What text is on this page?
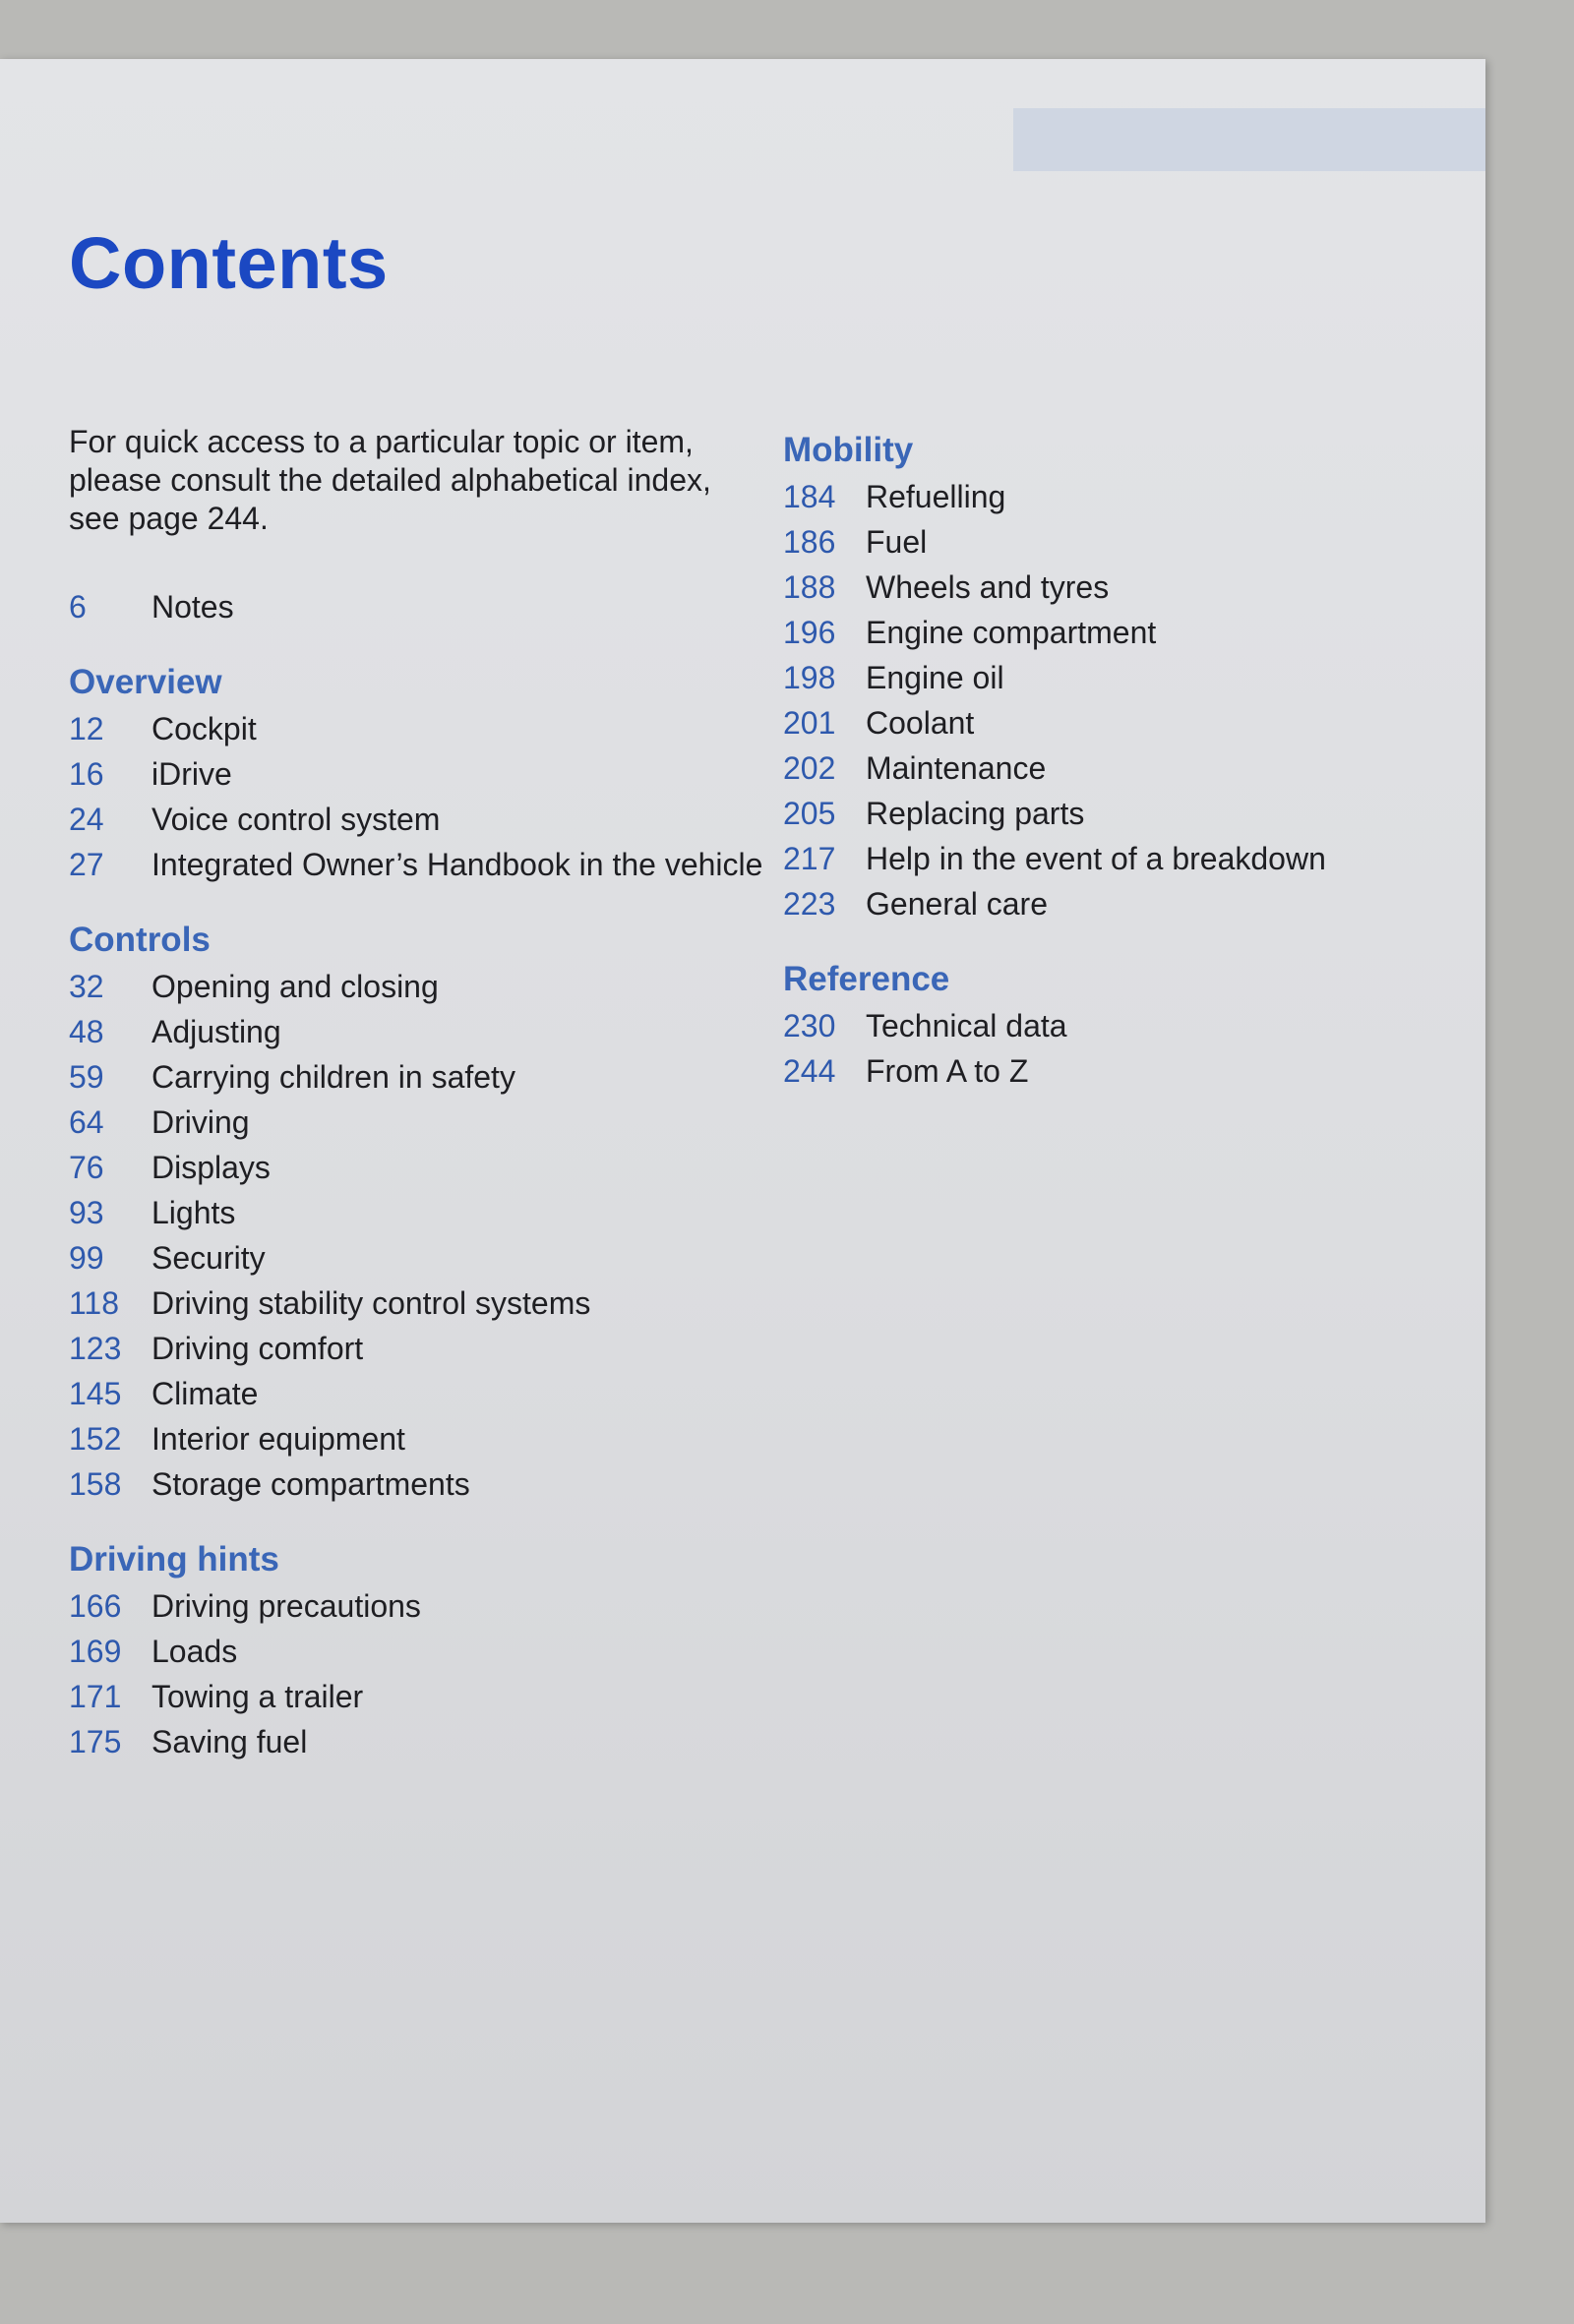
Contents

For quick access to a particular topic or item, please consult the detailed alphabetical index, see page 244.

6	Notes
Overview
12	Cockpit
16	iDrive
24	Voice control system
27	Integrated Owner’s Handbook in the vehicle
Controls
32	Opening and closing
48	Adjusting
59	Carrying children in safety
64	Driving
76	Displays
93	Lights
99	Security
118	Driving stability control systems
123 Driving comfort
145 Climate
152 Interior equipment
158 Storage compartments
Driving hints
166 Driving precautions
169 Loads
171 Towing a trailer
175 Saving fuel
Mobility
184 Refuelling
186 Fuel
188 Wheels and tyres
196 Engine compartment
198 Engine oil
201 Coolant
202 Maintenance
205 Replacing parts
217 Help in the event of a breakdown
223 General care
Reference
230 Technical data
244 From A to Z
